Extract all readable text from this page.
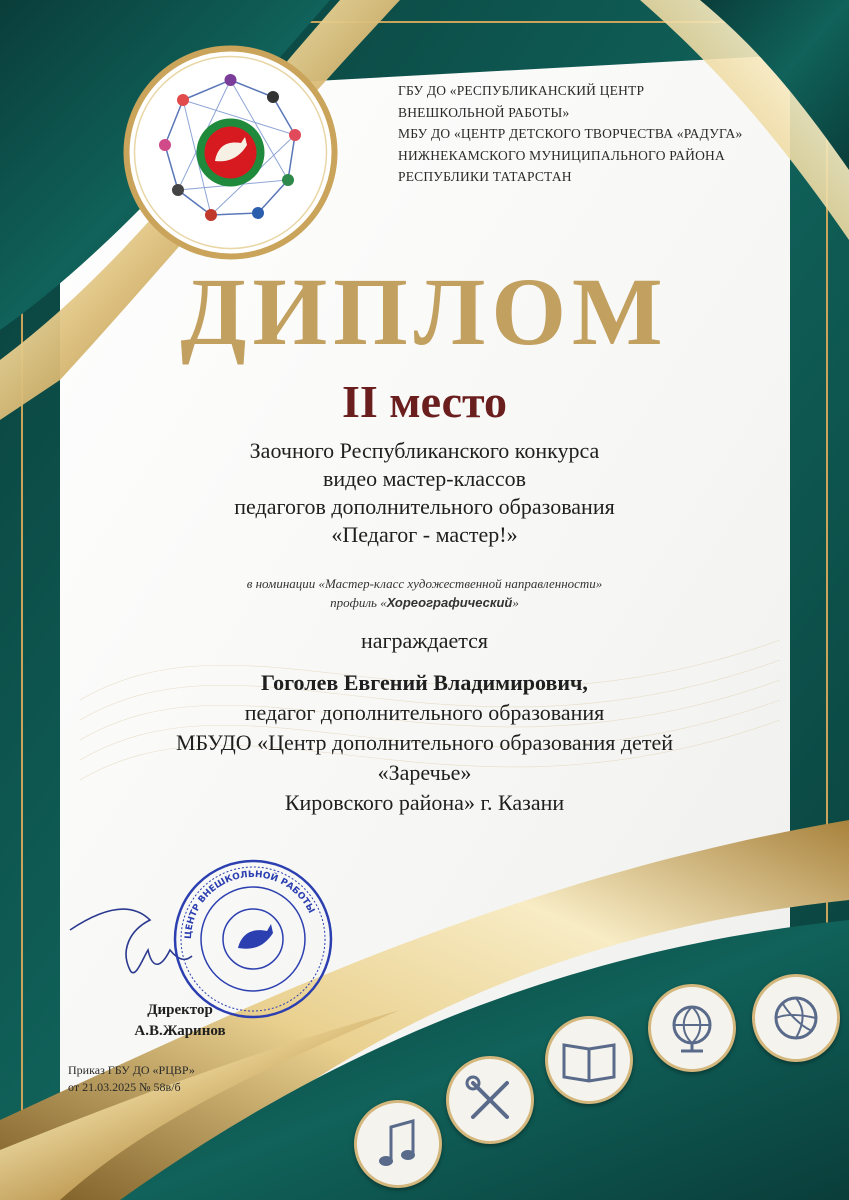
ГБУ ДО «РЕСПУБЛИКАНСКИЙ ЦЕНТР
ВНЕШКОЛЬНОЙ РАБОТЫ»
МБУ ДО «ЦЕНТР ДЕТСКОГО ТВОРЧЕСТВА «РАДУГА»
НИЖНЕКАМСКОГО МУНИЦИПАЛЬНОГО РАЙОНА
РЕСПУБЛИКИ ТАТАРСТАН
ДИПЛОМ
II место
Заочного Республиканского конкурса
видео мастер-классов
педагогов дополнительного образования
«Педагог - мастер!»
в номинации «Мастер-класс художественной направленности»
профиль «Хореографический»
награждается
Гоголев Евгений Владимирович,
педагог дополнительного образования
МБУДО «Центр дополнительного образования детей
«Заречье»
Кировского района» г. Казани
ЦЕНТР ВНЕШКОЛЬНОЙ РАБОТЫ
Директор
А.В.Жаринов
Приказ ГБУ ДО «РЦВР»
от 21.03.2025 № 58в/б
